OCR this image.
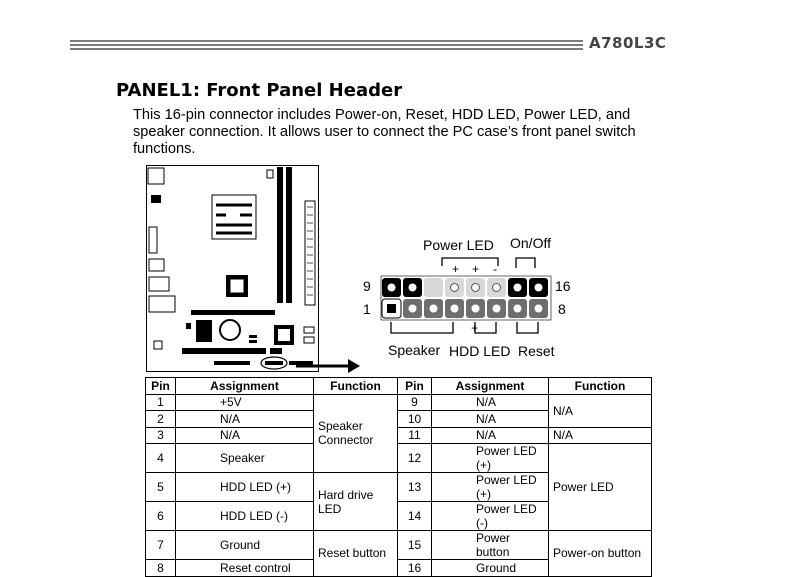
A780L3C
PANEL1: Front Panel Header
This 16-pin connector includes Power-on, Reset, HDD LED, Power LED, and speaker connection. It allows user to connect the PC case’s front panel switch functions.
Power LED On/Off
+ + -
9	16
1	8
+
Speaker HDD LED Reset
Pin	Assignment	Function	Pin	Assignment	Function
1	+5V	Speaker Connector	9	N/A	N/A
2	N/A		10	N/A	
3	N/A		11	N/A	N/A
4	Speaker		12	Power LED (+)	Power LED
5	HDD LED (+)	Hard drive LED	13	Power LED (+)	
6	HDD LED (-)		14	Power LED (-)	
7	Ground	Reset button	15	Power button	Power-on button
8	Reset control		16	Ground	
